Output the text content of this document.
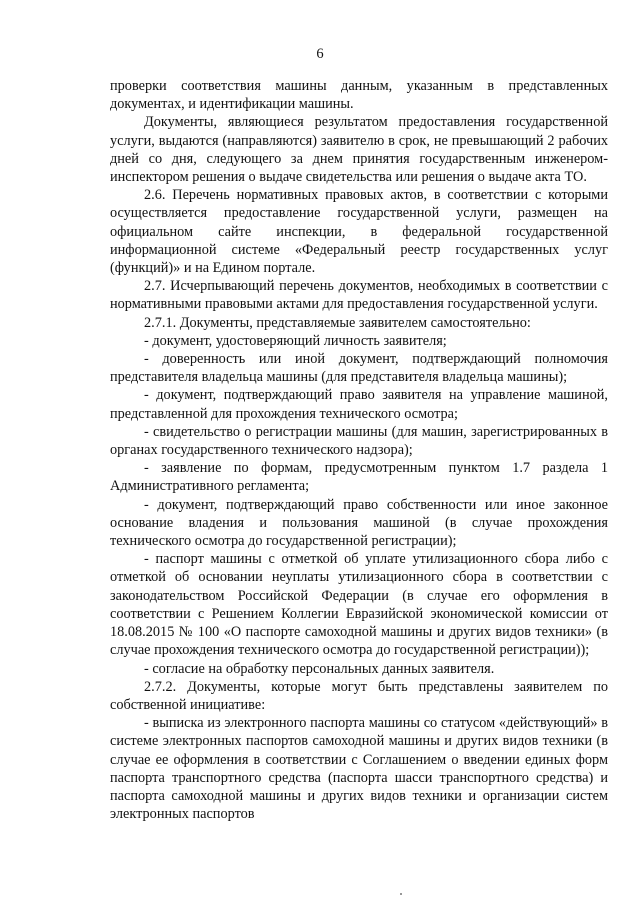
6

проверки соответствия машины данным, указанным в представленных документах, и идентификации машины.

Документы, являющиеся результатом предоставления государственной услуги, выдаются (направляются) заявителю в срок, не превышающий 2 рабочих дней со дня, следующего за днем принятия государственным инженером-инспектором решения о выдаче свидетельства или решения о выдаче акта ТО.

2.6. Перечень нормативных правовых актов, в соответствии с которыми осуществляется предоставление государственной услуги, размещен на официальном сайте инспекции, в федеральной государственной информационной системе «Федеральный реестр государственных услуг (функций)» и на Едином портале.

2.7. Исчерпывающий перечень документов, необходимых в соответствии с нормативными правовыми актами для предоставления государственной услуги.

2.7.1. Документы, представляемые заявителем самостоятельно:

- документ, удостоверяющий личность заявителя;

- доверенность или иной документ, подтверждающий полномочия представителя владельца машины (для представителя владельца машины);

- документ, подтверждающий право заявителя на управление машиной, представленной для прохождения технического осмотра;

- свидетельство о регистрации машины (для машин, зарегистрированных в органах государственного технического надзора);

- заявление по формам, предусмотренным пунктом 1.7 раздела 1 Административного регламента;

- документ, подтверждающий право собственности или иное законное основание владения и пользования машиной (в случае прохождения технического осмотра до государственной регистрации);

- паспорт машины с отметкой об уплате утилизационного сбора либо с отметкой об основании неуплаты утилизационного сбора в соответствии с законодательством Российской Федерации (в случае его оформления в соответствии с Решением Коллегии Евразийской экономической комиссии от 18.08.2015 № 100 «О паспорте самоходной машины и других видов техники» (в случае прохождения технического осмотра до государственной регистрации));

- согласие на обработку персональных данных заявителя.

2.7.2. Документы, которые могут быть представлены заявителем по собственной инициативе:

- выписка из электронного паспорта машины со статусом «действующий» в системе электронных паспортов самоходной машины и других видов техники (в случае ее оформления в соответствии с Соглашением о введении единых форм паспорта транспортного средства (паспорта шасси транспортного средства) и паспорта самоходной машины и других видов техники и организации систем электронных паспортов
